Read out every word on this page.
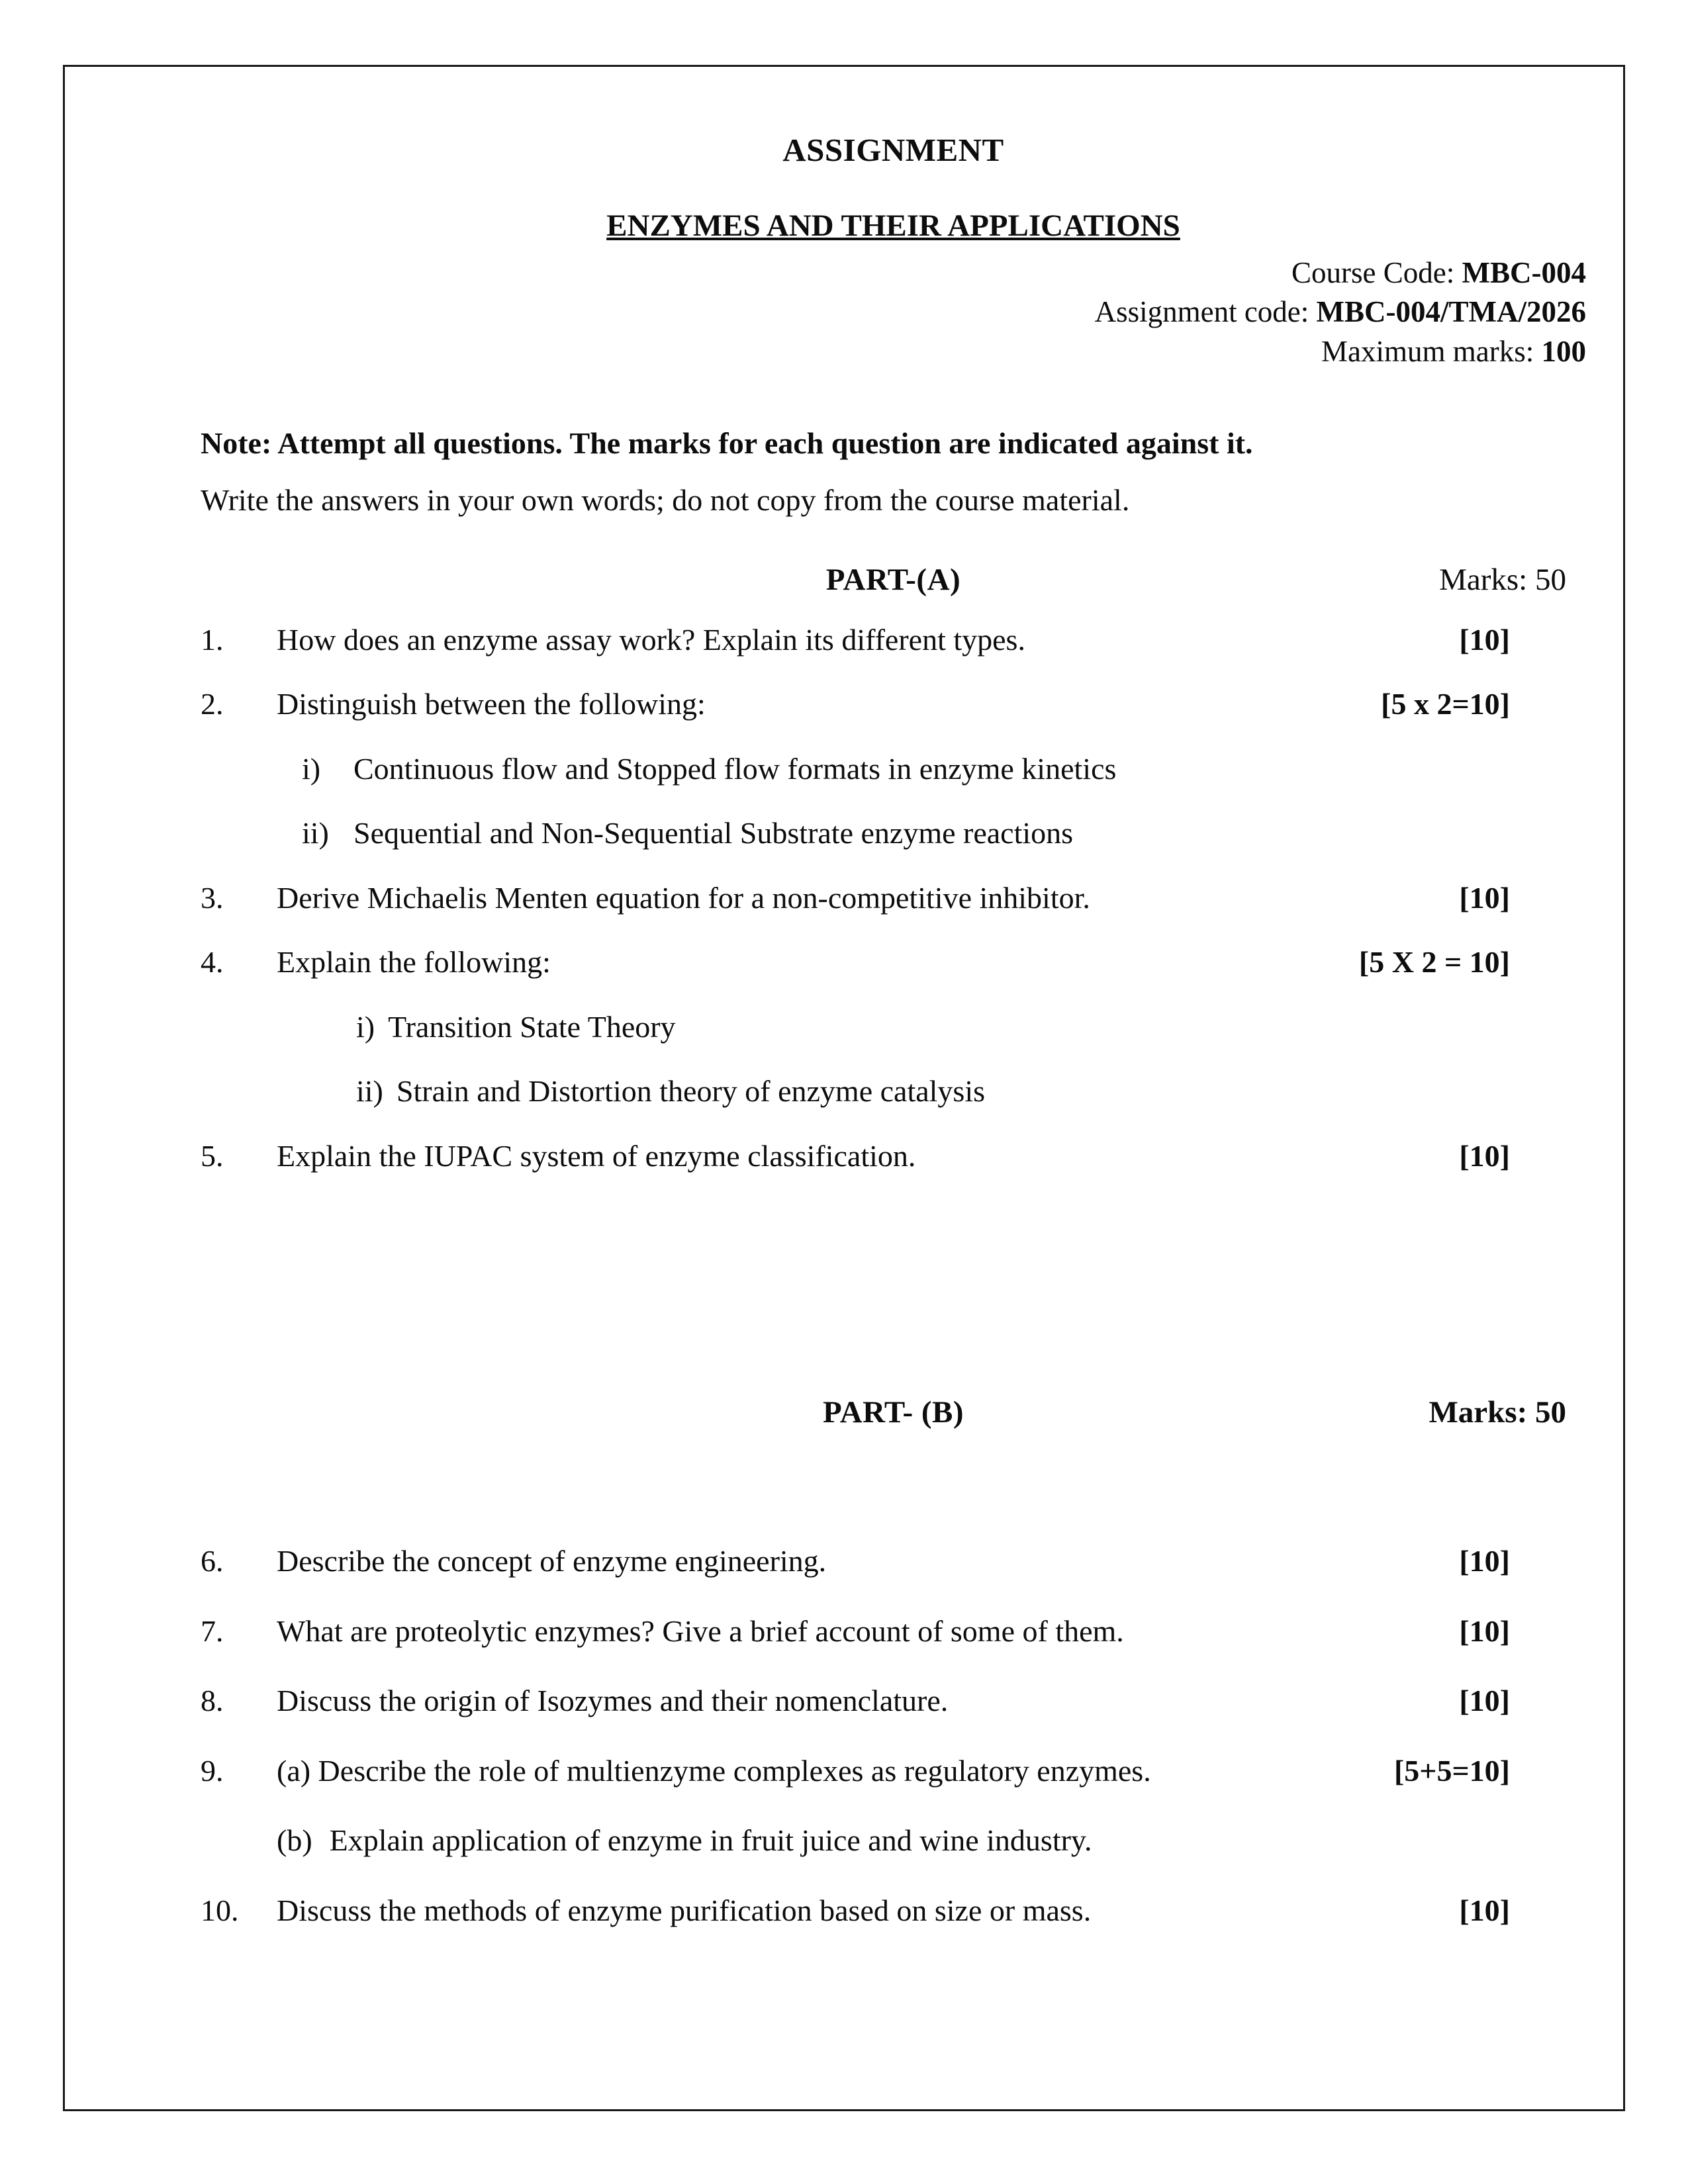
ASSIGNMENT
ENZYMES AND THEIR APPLICATIONS
Course Code: MBC-004
Assignment code: MBC-004/TMA/2026
Maximum marks: 100
Note: Attempt all questions. The marks for each question are indicated against it.
Write the answers in your own words; do not copy from the course material.
PART-(A)	Marks: 50
1.	How does an enzyme assay work? Explain its different types.	[10]
2.	Distinguish between the following:	[5 x 2=10]
i)	Continuous flow and Stopped flow formats in enzyme kinetics
ii) Sequential and Non-Sequential Substrate enzyme reactions
3.	Derive Michaelis Menten equation for a non-competitive inhibitor.	[10]
4.	Explain the following:	[5 X 2 = 10]
i) Transition State Theory
ii) Strain and Distortion theory of enzyme catalysis
5.	Explain the IUPAC system of enzyme classification.	[10]
PART- (B)	Marks: 50
6.	Describe the concept of enzyme engineering.	[10]
7.	What are proteolytic enzymes? Give a brief account of some of them.	[10]
8.	Discuss the origin of Isozymes and their nomenclature.	[10]
9.	(a) Describe the role of multienzyme complexes as regulatory enzymes.	[5+5=10]
(b) Explain application of enzyme in fruit juice and wine industry.
10.	Discuss the methods of enzyme purification based on size or mass.	[10]
